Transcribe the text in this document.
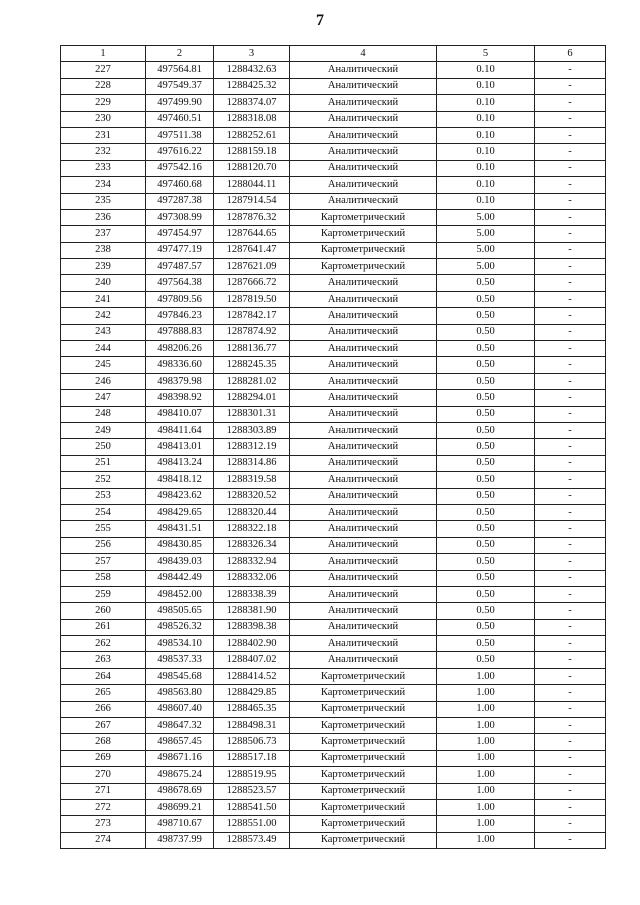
7
1	2	3	4	5	6
227	497564.81	1288432.63	Аналитический	0.10	-
228	497549.37	1288425.32	Аналитический	0.10	-
229	497499.90	1288374.07	Аналитический	0.10	-
230	497460.51	1288318.08	Аналитический	0.10	-
231	497511.38	1288252.61	Аналитический	0.10	-
232	497616.22	1288159.18	Аналитический	0.10	-
233	497542.16	1288120.70	Аналитический	0.10	-
234	497460.68	1288044.11	Аналитический	0.10	-
235	497287.38	1287914.54	Аналитический	0.10	-
236	497308.99	1287876.32	Картометрический	5.00	-
237	497454.97	1287644.65	Картометрический	5.00	-
238	497477.19	1287641.47	Картометрический	5.00	-
239	497487.57	1287621.09	Картометрический	5.00	-
240	497564.38	1287666.72	Аналитический	0.50	-
241	497809.56	1287819.50	Аналитический	0.50	-
242	497846.23	1287842.17	Аналитический	0.50	-
243	497888.83	1287874.92	Аналитический	0.50	-
244	498206.26	1288136.77	Аналитический	0.50	-
245	498336.60	1288245.35	Аналитический	0.50	-
246	498379.98	1288281.02	Аналитический	0.50	-
247	498398.92	1288294.01	Аналитический	0.50	-
248	498410.07	1288301.31	Аналитический	0.50	-
249	498411.64	1288303.89	Аналитический	0.50	-
250	498413.01	1288312.19	Аналитический	0.50	-
251	498413.24	1288314.86	Аналитический	0.50	-
252	498418.12	1288319.58	Аналитический	0.50	-
253	498423.62	1288320.52	Аналитический	0.50	-
254	498429.65	1288320.44	Аналитический	0.50	-
255	498431.51	1288322.18	Аналитический	0.50	-
256	498430.85	1288326.34	Аналитический	0.50	-
257	498439.03	1288332.94	Аналитический	0.50	-
258	498442.49	1288332.06	Аналитический	0.50	-
259	498452.00	1288338.39	Аналитический	0.50	-
260	498505.65	1288381.90	Аналитический	0.50	-
261	498526.32	1288398.38	Аналитический	0.50	-
262	498534.10	1288402.90	Аналитический	0.50	-
263	498537.33	1288407.02	Аналитический	0.50	-
264	498545.68	1288414.52	Картометрический	1.00	-
265	498563.80	1288429.85	Картометрический	1.00	-
266	498607.40	1288465.35	Картометрический	1.00	-
267	498647.32	1288498.31	Картометрический	1.00	-
268	498657.45	1288506.73	Картометрический	1.00	-
269	498671.16	1288517.18	Картометрический	1.00	-
270	498675.24	1288519.95	Картометрический	1.00	-
271	498678.69	1288523.57	Картометрический	1.00	-
272	498699.21	1288541.50	Картометрический	1.00	-
273	498710.67	1288551.00	Картометрический	1.00	-
274	498737.99	1288573.49	Картометрический	1.00	-
